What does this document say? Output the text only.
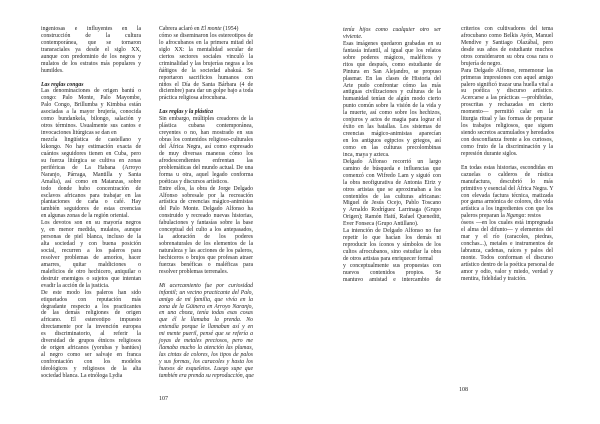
ingeniosas e influyentes en la
construcción de la cultura
contemporánea, que se tornaron
transraciales ya desde el siglo XX,
aunque con predominio de los negros y
mulatos de los estratos más populares y
humildes.
Las reglas congas
Las denominaciones de origen bantú o
congo: Palo Monte, Palo Mayombe,
Palo Congo, Brillumba y Kimbisa están
asociadas a la mayor brujería, conocida
como bundankela, bilongo, salación y
otros términos. Usualmente sus cantos e
invocaciones litúrgicas se dan en
mezcla lingüística de castellano y
kikongo. No hay estimación exacta de
cuántos seguidores tienen en Cuba, pero
su fuerza litúrgica se cultiva en zonas
periféricas de La Habana (Arroyo
Naranjo, Párraga, Mantilla y Santa
Amalia), así como en Matanzas, sobre
todo donde hubo concentración de
esclavos africanos para trabajar en las
plantaciones de caña o café. Hay
también seguidores de estas creencias
en algunas zonas de la región oriental.
Los devotos son en su mayoría negros
y, en menor medida, mulatos, aunque
personas de piel blanca, incluso de la
alta sociedad y con buena posición
social, recurren a los paleros para
resolver problemas de amoríos, hacer
amarres, quitar maldiciones o
maleficios de otro hechicero, aniquilar o
destruir enemigos o sujetos que intentan
evadir la acción de la justicia.
De este modo los paleros han sido
etiquetados con reputación más
degradante respecto a los practicantes
de las demás religiones de origen
africano. El estereotipo impuesto
directamente por la invención europea
es discriminatorio, al referir la
diversidad de grupos étnicos religiosos
de origen africanos (yorubas y bantúes)
al negro como ser salvaje en franca
confrontación con los modelos
ideológicos y religiosos de la alta
sociedad blanca. La etnóloga Lydia
Cabrera aclaró en El monte (1954)
cómo se diseminaron los estereotipos de
lo afrocubanos en la primera mitad del
siglo XX: la mentalidad secular de
ciertos sectores sociales vinculó la
criminalidad y las brujerías negras a los
ñáñigos de la sociedad abakuá. Se
reportaron sacrificios humanos con
niños el Día de Santa Bárbara (4 de
diciembre) para dar un golpe bajo a toda
práctica religiosa afrocubana.
Las reglas y la plástica
Sin embargo, múltiples creadores de la
plástica cubana contemporánea,
creyentes o no, han mostrado en sus
obras los contenidos religioso-culturales
del África Negra, así como expresado
de muy diversas maneras cómo los
afrodescendientes enfrentan las
problemáticas del mundo actual. De una
forma u otra, aquel legado conforma
poéticas y discursos artísticos.
Entre ellos, la obra de Jorge Delgado
Alfonso sobresale por la recreación
artística de creencias mágico-animistas
del Palo Monte. Delgado Alfonso ha
construido y recreado nuevas historias,
fabulaciones y fantasías sobre la base
conceptual del culto a los antepasados,
la adoración de los poderes
sobrenaturales de los elementos de la
naturaleza y las acciones de los paleros,
hechiceros o brujos que profesan atraer
fuerzas benéficas o maléficas para
resolver problemas terrenales.
Mi acercamiento fue por curiosidad
infantil; un vecino practicante del Palo,
amigo de mi familia, que vivía en la
zona de la Güinera en Arroyo Naranjo,
en una choza, tenía todas esas cosas
que él le llamaba la prenda. No
entendía porque le llamaban así y en
mi mente pueril, pensé que se refería a
joyas de metales preciosos, pero me
llamaba mucho la atención las plumas,
las cintas de colores, los tipos de palos
y sus formas, los caracoles y hasta los
huesos de esqueletos. Luego supe que
también era prenda su reproducción, que
107
tenía hijos como cualquier otro ser
viviente.
Esas imágenes quedaron grabadas en su
fantasía infantil, al igual que los relatos
sobre poderes mágicos, maléficos y
ritos que después, como estudiante de
Pintura en San Alejandro, se propuso
plasmar. En las clases de Historia del
Arte pudo confrontar cómo las más
antiguas civilizaciones y culturas de la
humanidad tenían de algún modo cierto
punto común sobre la visión de la vida y
la muerte, así como sobre los hechizos,
conjuros y actos de magia para lograr el
éxito en las batallas. Los sistemas de
creencias mágico-animistas aparecían
en los antiguos egipcios y griegos, así
como en las culturas precolombinas
inca, maya y azteca.
Delgado Alfonso recorrió un largo
camino de búsqueda e influencias que
comenzó con Wifredo Lam y siguió con
la obra neofigurativa de Antonia Eiriz y
otros artistas que se aproximaban a los
contenidos de las culturas africanas:
Miguel de Jesús Ocejo, Pablo Toscano
y Arnaldo Rodríguez Larrinaga (Grupo
Origen); Ramón Haití, Rafael Queneditt,
Ever Fonseca (Grupo Antillano).
La intención de Delgado Alfonso no fue
repetir lo que hacían los demás ni
reproducir los íconos y símbolos de los
cultos afrocubanos, sino estudiar la obra
de otros artistas para enriquecer formal
y conceptualmente sus propuestas con
nuevos contenidos propios. Se
mantuvo amistad e intercambio de
criterios con cultivadores del tema
afrocubano como Belkis Ayón, Manuel
Mendive y Santiago Olazábal, pero
desde sus años de estudiante muchos
otros consideraron su obra cosa rara o
brujería de negro.
Para Delgado Alfonso, rememorar las
primeras impresiones con aquel amigo
palero significó trazar una huella vital a
su poética y discurso artístico.
Acercarse a las prácticas —prohibidas,
proscritas y rechazadas en cierto
momento— permitió calar en la
liturgia ritual y las formas de preparar
los trabajos religiosos, que siguen
siendo secretos acumulados y heredados
con desconfianza frente a los curiosos,
como fruto de la discriminación y la
represión durante siglos.
En todas estas historias, escondidas en
cazuelas o calderos de rústica
manufactura, descubrió lo más
primitivo y esencial del África Negra. Y
con elevada factura técnica, matizada
por gama armónica de colores, dio vida
artística a los ingredientes con que los
paleros preparan la Nganga: restos
óseos —en los cuales está impregnada
el alma del difunto— y elementos del
mar y el río (caracoles, piedras,
conchas...), metales e instrumentos de
labranza, cadenas, raíces y palos del
monte. Todos conforman el discurso
artístico dentro de la poética personal de
amor y odio, valor y miedo, verdad y
mentira, fidelidad y traición.
108
